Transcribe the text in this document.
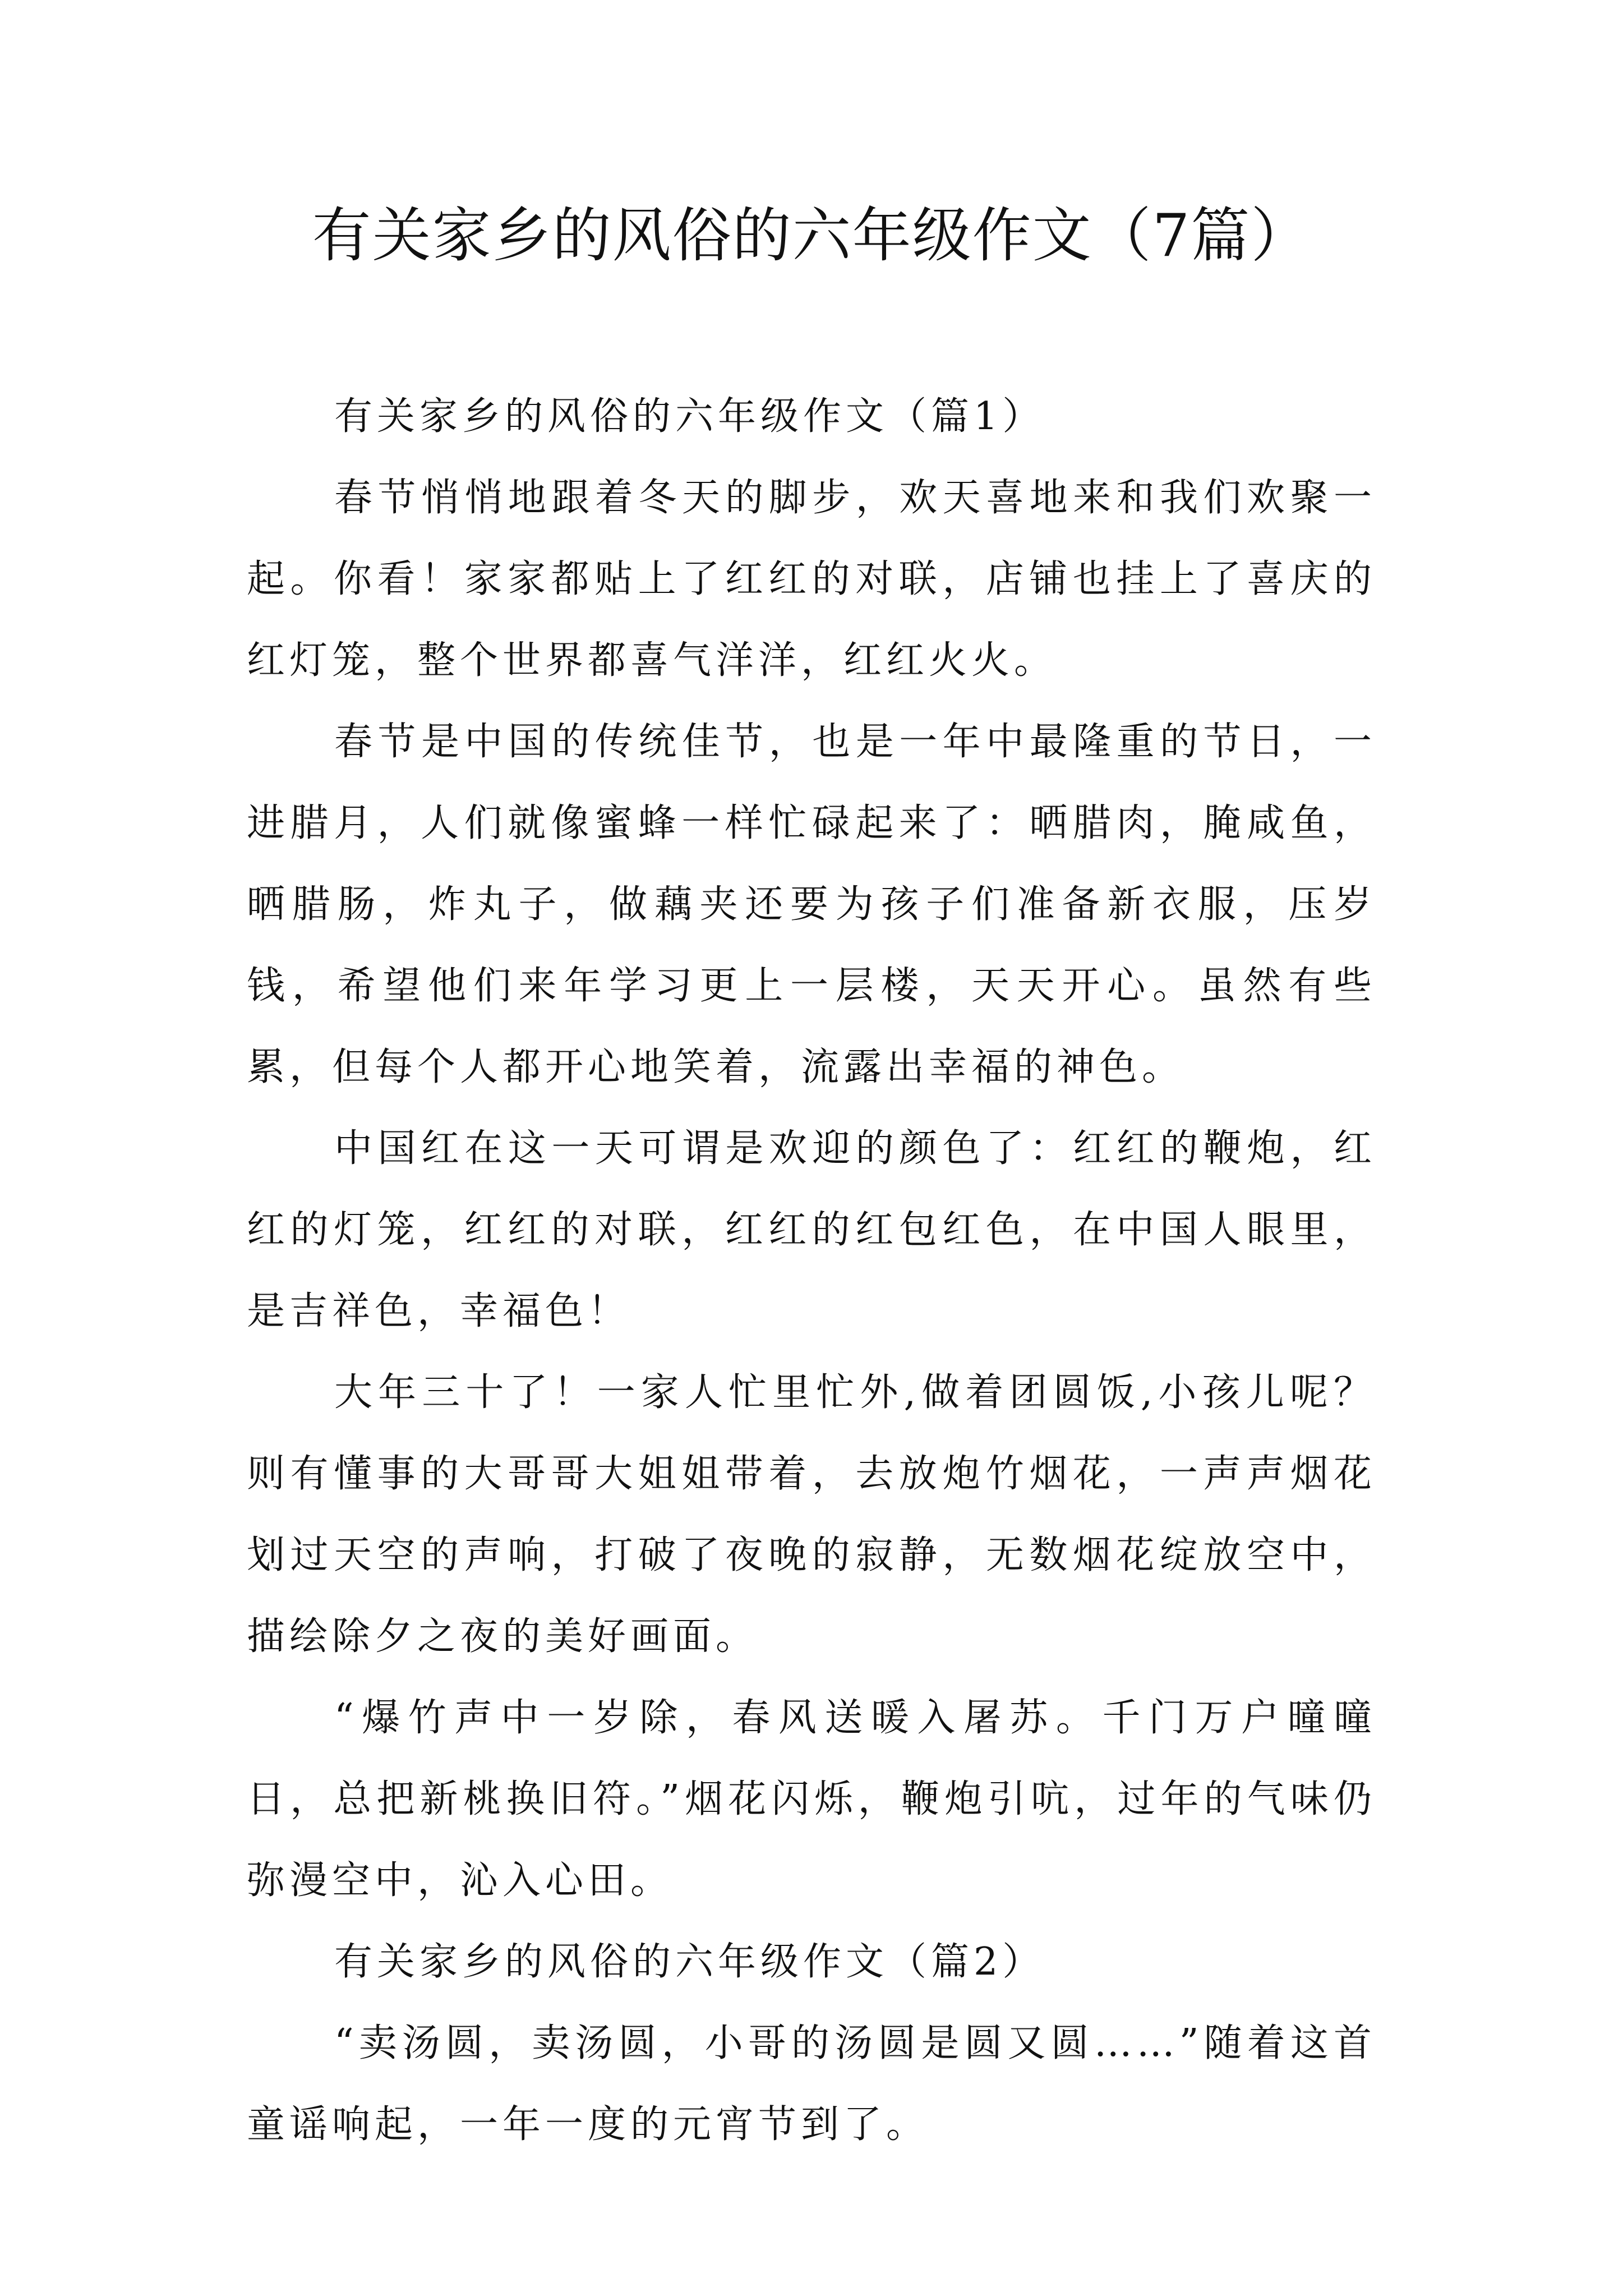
有关家乡的风俗的六年级作文（7篇）

有关家乡的风俗的六年级作文（篇1）

春节悄悄地跟着冬天的脚步，欢天喜地来和我们欢聚一起。你看！家家都贴上了红红的对联，店铺也挂上了喜庆的红灯笼，整个世界都喜气洋洋，红红火火。

春节是中国的传统佳节，也是一年中最隆重的节日，一进腊月，人们就像蜜蜂一样忙碌起来了：晒腊肉，腌咸鱼，晒腊肠，炸丸子，做藕夹还要为孩子们准备新衣服，压岁钱，希望他们来年学习更上一层楼，天天开心。虽然有些累，但每个人都开心地笑着，流露出幸福的神色。

中国红在这一天可谓是欢迎的颜色了：红红的鞭炮，红红的灯笼，红红的对联，红红的红包红色，在中国人眼里，是吉祥色，幸福色！

大年三十了！一家人忙里忙外,做着团圆饭,小孩儿呢？则有懂事的大哥哥大姐姐带着，去放炮竹烟花，一声声烟花划过天空的声响，打破了夜晚的寂静，无数烟花绽放空中，描绘除夕之夜的美好画面。

“爆竹声中一岁除，春风送暖入屠苏。千门万户曈曈日，总把新桃换旧符。”烟花闪烁，鞭炮引吭，过年的气味仍弥漫空中，沁入心田。

有关家乡的风俗的六年级作文（篇2）

“卖汤圆，卖汤圆，小哥的汤圆是圆又圆……”随着这首童谣响起，一年一度的元宵节到了。
